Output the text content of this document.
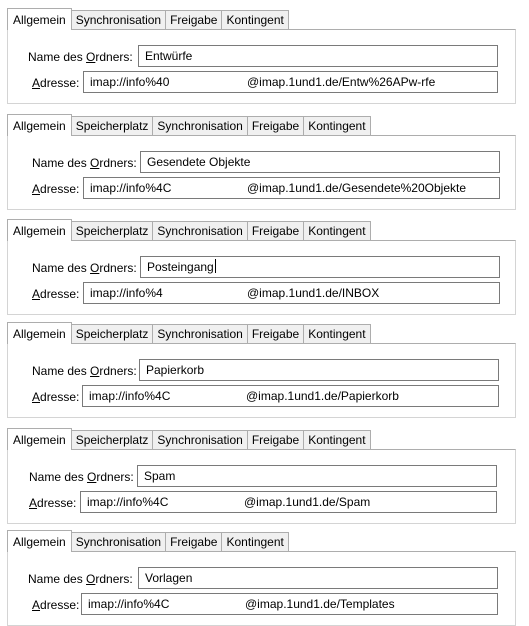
Allgemein Synchronisation Freigabe Kontingent
Name des Ordners:	Entwürfe
Adresse: imap://info%40	@imap.1und1.de/Entw%26APw-rfe
Allgemein Speicherplatz Synchronisation Freigabe Kontingent
Name des Ordners: Gesendete Objekte
Adresse: imap://info%4C	@imap.1und1.de/Gesendete%20Objekte
Allgemein Speicherplatz Synchronisation Freigabe Kontingent
Name des Ordners: Posteingang
Adresse: imap://info%4	@imap.1und1.de/INBOX
Allgemein Speicherplatz Synchronisation Freigabe Kontingent
Name des Ordners: Papierkorb
Adresse: imap://info%4C	@imap.1und1.de/Papierkorb
Allgemein Speicherplatz Synchronisation Freigabe Kontingent
Name des Ordners: Spam
Adresse: imap://info%4C	@imap.1und1.de/Spam
Allgemein Synchronisation Freigabe Kontingent
Name des Ordners:	Vorlagen
Adresse: imap://info%4C	@imap.1und1.de/Templates
